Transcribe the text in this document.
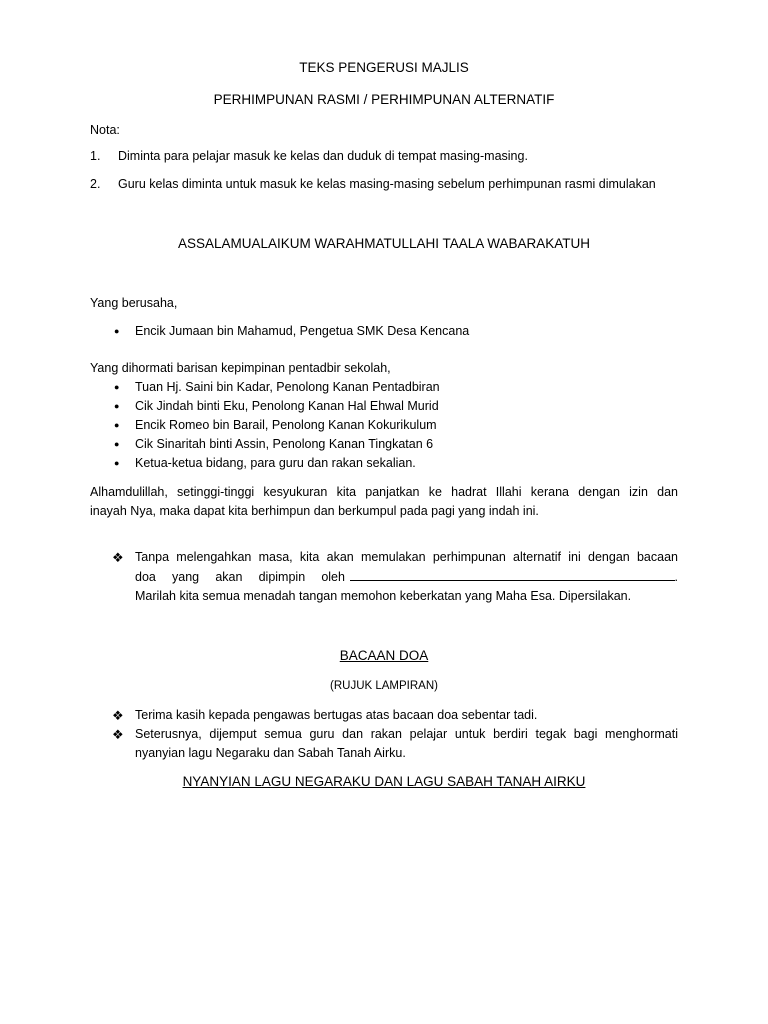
TEKS PENGERUSI MAJLIS
PERHIMPUNAN RASMI / PERHIMPUNAN ALTERNATIF
Nota:
1. Diminta para pelajar masuk ke kelas dan duduk di tempat masing-masing.
2. Guru kelas diminta untuk masuk ke kelas masing-masing sebelum perhimpunan rasmi dimulakan
ASSALAMUALAIKUM WARAHMATULLAHI TAALA WABARAKATUH
Yang berusaha,
● Encik Jumaan bin Mahamud, Pengetua SMK Desa Kencana
Yang dihormati barisan kepimpinan pentadbir sekolah,
● Tuan Hj. Saini bin Kadar, Penolong Kanan Pentadbiran
● Cik Jindah binti Eku, Penolong Kanan Hal Ehwal Murid
● Encik Romeo bin Barail, Penolong Kanan Kokurikulum
● Cik Sinaritah binti Assin, Penolong Kanan Tingkatan 6
● Ketua-ketua bidang, para guru dan rakan sekalian.
Alhamdulillah, setinggi-tinggi kesyukuran kita panjatkan ke hadrat Illahi kerana dengan izin dan
inayah Nya, maka dapat kita berhimpun dan berkumpul pada pagi yang indah ini.
❖ Tanpa melengahkan masa, kita akan memulakan perhimpunan alternatif ini dengan bacaan
doa yang akan dipimpin oleh	.
Marilah kita semua menadah tangan memohon keberkatan yang Maha Esa. Dipersilakan.
BACAAN DOA
(RUJUK LAMPIRAN)
❖ Terima kasih kepada pengawas bertugas atas bacaan doa sebentar tadi.
❖ Seterusnya, dijemput semua guru dan rakan pelajar untuk berdiri tegak bagi menghormati
nyanyian lagu Negaraku dan Sabah Tanah Airku.
NYANYIAN LAGU NEGARAKU DAN LAGU SABAH TANAH AIRKU
